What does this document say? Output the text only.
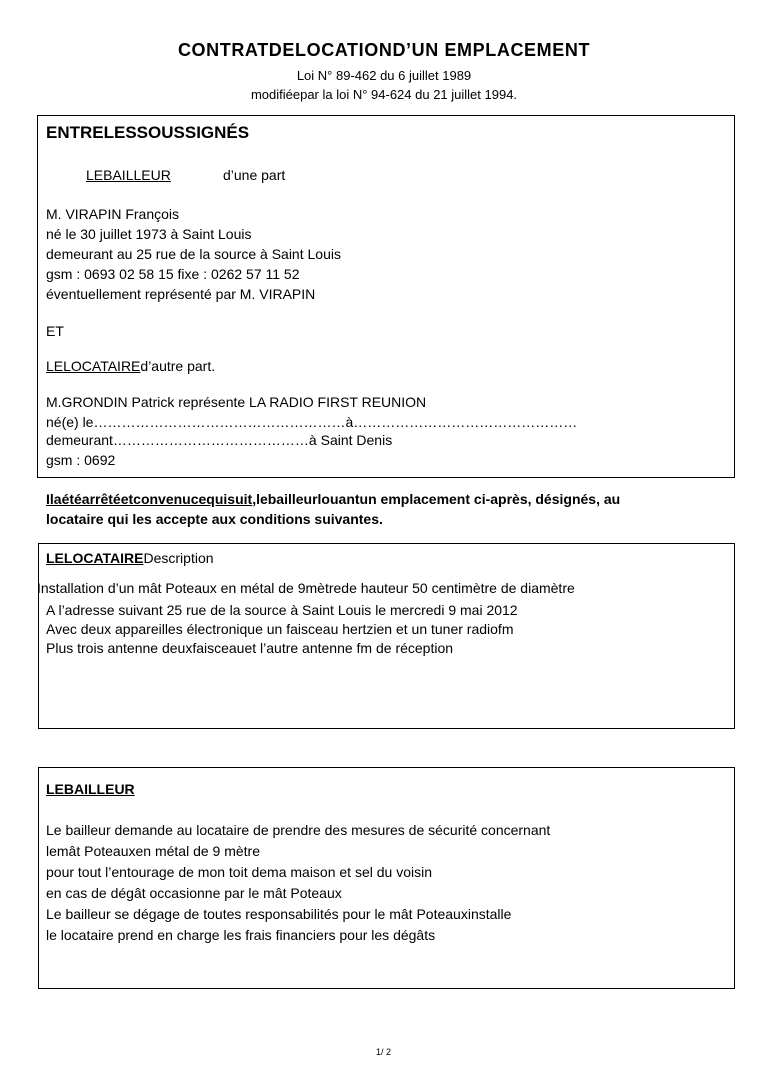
CONTRATDELOCATIOND’UN EMPLACEMENT
Loi N° 89-462 du 6 juillet 1989
modifiéepar la loi N° 94-624 du 21 juillet 1994.
ENTRELESSOUSSIGNÉS
LEBAILLEUR	d’une part
M. VIRAPIN François
né le 30 juillet 1973 à Saint Louis
demeurant au 25 rue de la source à Saint Louis
gsm : 0693 02 58 15 fixe : 0262 57 11 52
éventuellement représenté par M. VIRAPIN
ET
LELOCATAIREd’autre part.
M.GRONDIN Patrick représente LA RADIO FIRST REUNION
né(e) le………………………………………………à…………………………………………
demeurant……………………………………à Saint Denis
gsm : 0692
Ilaétéarrêtéetconvenucequisuit,lebailleurlouantun emplacement ci-après, désignés, au
locataire qui les accepte aux conditions suivantes.
LELOCATAIREDescription
Installation d’un mât Poteaux en métal de 9mètrede hauteur 50 centimètre de diamètre
A l’adresse suivant 25 rue de la source à Saint Louis le mercredi 9 mai 2012
Avec deux appareilles électronique un faisceau hertzien et un tuner radiofm
Plus trois antenne deuxfaisceauet l’autre antenne fm de réception
LEBAILLEUR
Le bailleur demande au locataire de prendre des mesures de sécurité concernant
lemât Poteauxen métal de 9 mètre
pour tout l’entourage de mon toit dema maison et sel du voisin
en cas de dégât occasionne par le mât Poteaux
Le bailleur se dégage de toutes responsabilités pour le mât Poteauxinstalle
le locataire prend en charge les frais financiers pour les dégâts
1/ 2
